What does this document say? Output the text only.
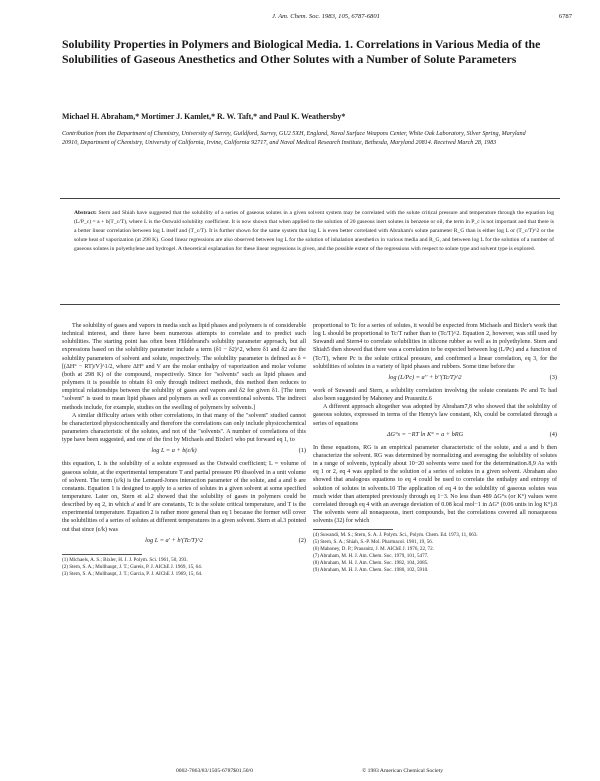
J. Am. Chem. Soc. 1983, 105, 6787-6801	6787
Solubility Properties in Polymers and Biological Media. 1. Correlations in Various Media of the Solubilities of Gaseous Anesthetics and Other Solutes with a Number of Solute Parameters
Michael H. Abraham,* Mortimer J. Kamlet,* R. W. Taft,* and Paul K. Weathersby*
Contribution from the Department of Chemistry, University of Surrey, Guildford, Surrey, GU2 5XH, England, Naval Surface Weapons Center, White Oak Laboratory, Silver Spring, Maryland 20910, Department of Chemistry, University of California, Irvine, California 92717, and Naval Medical Research Institute, Bethesda, Maryland 20814. Received March 28, 1983
Abstract: Stern and Shiah have suggested that the solubility of a series of gaseous solutes in a given solvent system may be correlated with the solute critical pressure and temperature through the equation log (L/P_c) = a + b(T_c/T), where L is the Ostwald solubility coefficient. It is now shown that when applied to the solution of 20 gaseous inert solutes in benzene or oil, the term in P_c is not important and that there is a better linear correlation between log L itself and (T_c/T). It is further shown for the same system that log L is even better correlated with Abraham's solute parameter R_G than is either log L or (T_c/T)^2 or the solute heat of vaporization (at 298 K). Good linear regressions are also observed between log L for the solution of inhalation anesthetics in various media and R_G, and between log L for the solution of a number of gaseous solutes in polyethylene and hydrogel. A theoretical explanation for these linear regressions is given, and the possible extent of the regressions with respect to solute type and solvent type is explored.

The solubility of gases and vapors in media such as lipid phases and polymers is of considerable technical interest, and there have been numerous attempts to correlate and to predict such solubilities. The starting point has often been Hildebrand's solubility parameter approach, but all expressions based on the solubility parameter include a term (δ1 − δ2)^2, where δ1 and δ2 are the solubility parameters of solvent and solute, respectively. The solubility parameter is defined as δ = [(ΔH° − RT)/V]^1/2, where ΔH° and V are the molar enthalpy of vaporization and molar volume (both at 298 K) of the compound, respectively. Since for "solvents" such as lipid phases and polymers it is possible to obtain δ1 only through indirect methods, this method then reduces to empirical relationships between the solubility of gases and vapors and δ2 for given δ1. [The term "solvent" is used to mean lipid phases and polymers as well as conventional solvents. The indirect methods include, for example, studies on the swelling of polymers by solvents.]

A similar difficulty arises with other correlations, in that many of the "solvent" studied cannot be characterized physicochemically and therefore the correlations can only include physicochemical parameters characteristic of the solutes, and not of the "solvents". A number of correlations of this type have been suggested, and one of the first by Michaels and Bixler1 who put forward eq 1, to

log L = a + b(ε/k)	(1)

this equation, L is the solubility of a solute expressed as the Ostwald coefficient; L = volume of gaseous solute, at the experimental temperature T and partial pressure P0 dissolved in a unit volume of solvent. The term (ε/k) is the Lennard-Jones interaction parameter of the solute, and a and b are constants. Equation 1 is designed to apply to a series of solutes in a given solvent at some specified temperature. Later on, Stern et al.2 showed that the solubility of gases in polymers could be described by eq 2, in which a' and b' are constants, Tc is the solute critical temperature, and T is the experimental temperature. Equation 2 is rather more general than eq 1 because the former will cover the solubilities of a series of solutes at different temperatures in a given solvent. Stern et al.3 pointed out that since (ε/k) was

log L = a' + b'(Tc/T)^2	(2)
(1) Michaels, A. S.; Bixler, H. J. J. Polym. Sci. 1961, 50, 393.
(2) Stern, S. A.; Mullhaupt, J. T.; Gareis, P. J. AIChE J. 1969, 15, 64.
(3) Stern, S. A.; Mullhaupt, J. T.; Garcia, P. J. AIChE J. 1969, 15, 64.

proportional to Tc for a series of solutes, it would be expected from Michaels and Bixler's work that log L should be proportional to Tc/T rather than to (Tc/T)^2. Equation 2, however, was still used by Suwandi and Stern4 to correlate solubilities in silicone rubber as well as in polyethylene. Stern and Shiah5 then showed that there was a correlation to be expected between log (L/Pc) and a function of (Tc/T), where Pc is the solute critical pressure, and confirmed a linear correlation, eq 3, for the solubilities of solutes in a variety of lipid phases and rubbers. Some time before the

log (L/Pc) = a'' + b''(Tc/T)^2	(3)

work of Suwandi and Stern, a solubility correlation involving the solute constants Pc and Tc had also been suggested by Mahoney and Prausnitz.6

A different approach altogether was adopted by Abraham7,8 who showed that the solubility of gaseous solutes, expressed in terms of the Henry's law constant, Kh, could be correlated through a series of equations

ΔG°s = −RT ln K° = a + bRG	(4)

In these equations, RG is an empirical parameter characteristic of the solute, and a and b then characterize the solvent. RG was determined by normalizing and averaging the solubility of solutes in a range of solvents, typically about 10−20 solvents were used for the determination.8,9 As with eq 1 or 2, eq 4 was applied to the solution of a series of solutes in a given solvent. Abraham also showed that analogous equations to eq 4 could be used to correlate the enthalpy and entropy of solution of solutes in solvents.10 The application of eq 4 to the solubility of gaseous solutes was much wider than attempted previously through eq 1−3. No less than 489 ΔG°s (or K°) values were correlated through eq 4 with an average deviation of 0.08 kcal mol−1 in ΔG° (0.06 units in log K°).8 The solvents were all nonaqueous, inert compounds, but the correlations covered all nonaqueous solvents (32) for which

(4) Suwandi, M. S.; Stern, S. A. J. Polym. Sci., Polym. Chem. Ed. 1973, 11, 663.
(5) Stern, S. A.; Shiah, S.-P. Mol. Pharmacol. 1981, 19, 56.
(6) Mahoney, D. P.; Prausnitz, J. M. AIChE J. 1976, 22, 72.
(7) Abraham, M. H. J. Am. Chem. Soc. 1979, 101, 5477.
(8) Abraham, M. H. J. Am. Chem. Soc. 1982, 104, 2085.
(9) Abraham, M. H. J. Am. Chem. Soc. 1980, 102, 5910.
0002-7863/83/1505-6787$01.50/0	© 1983 American Chemical Society
